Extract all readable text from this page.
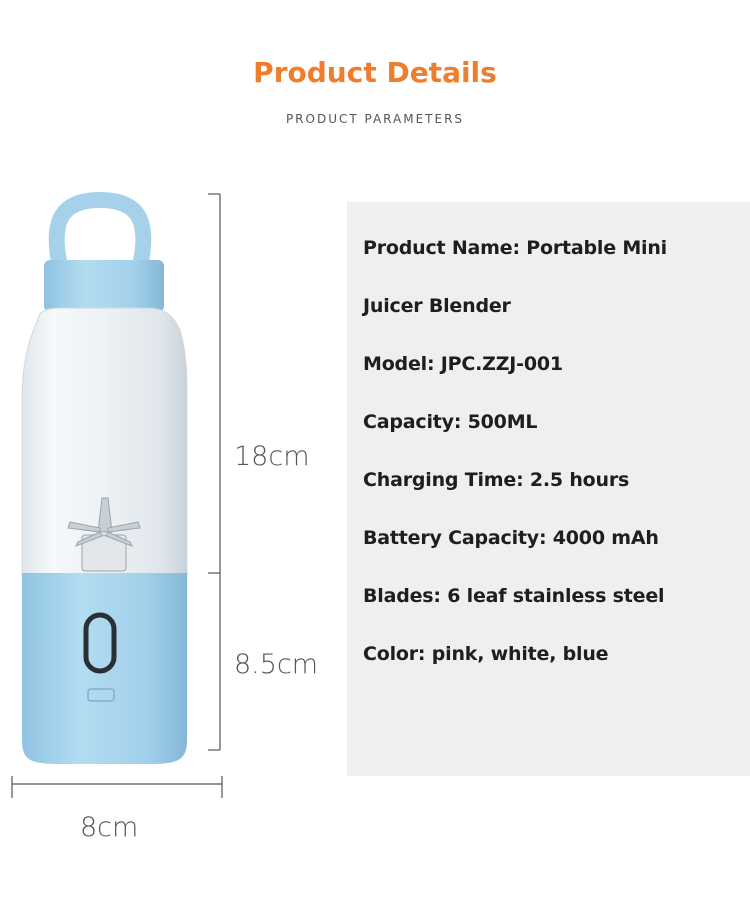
Product Details
PRODUCT PARAMETERS
18cm
8.5cm
8cm
Product Name: Portable Mini
Juicer Blender
Model: JPC.ZZJ-001
Capacity: 500ML
Charging Time: 2.5 hours
Battery Capacity: 4000 mAh
Blades: 6 leaf stainless steel
Color: pink, white, blue
